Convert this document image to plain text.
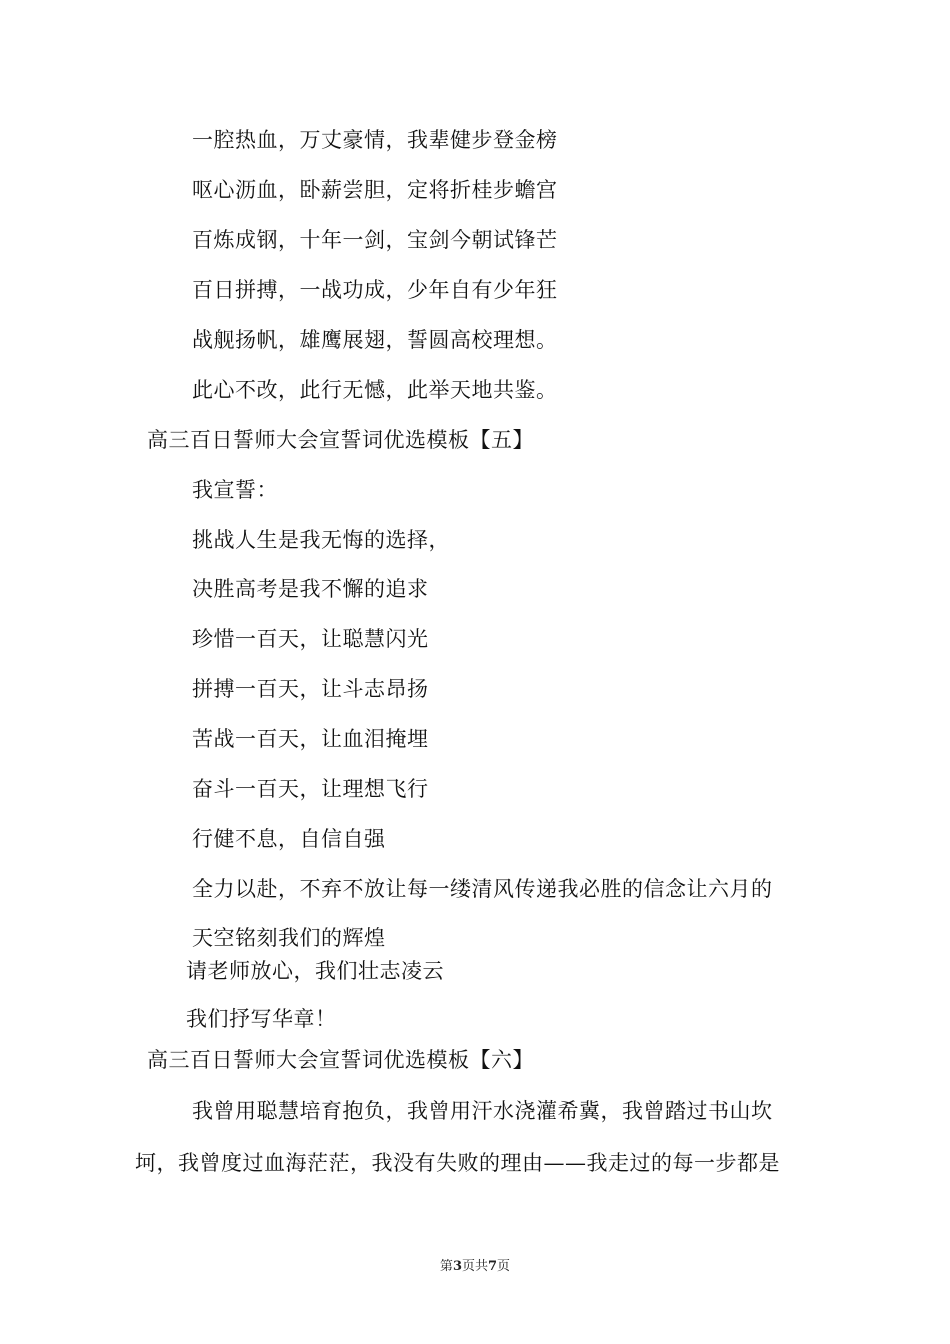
一腔热血，万丈豪情，我辈健步登金榜
呕心沥血，卧薪尝胆，定将折桂步蟾宫
百炼成钢，十年一剑，宝剑今朝试锋芒
百日拼搏，一战功成，少年自有少年狂
战舰扬帆，雄鹰展翅，誓圆高校理想。
此心不改，此行无憾，此举天地共鉴。
高三百日誓师大会宣誓词优选模板【五】
我宣誓：
挑战人生是我无悔的选择，
决胜高考是我不懈的追求
珍惜一百天，让聪慧闪光
拼搏一百天，让斗志昂扬
苦战一百天，让血泪掩埋
奋斗一百天，让理想飞行
行健不息，自信自强
全力以赴，不弃不放让每一缕清风传递我必胜的信念让六月的
天空铭刻我们的辉煌
请老师放心，我们壮志凌云
我们抒写华章！
高三百日誓师大会宣誓词优选模板【六】
我曾用聪慧培育抱负，我曾用汗水浇灌希冀，我曾踏过书山坎
坷，我曾度过血海茫茫，我没有失败的理由——我走过的每一步都是
第3页共7页
